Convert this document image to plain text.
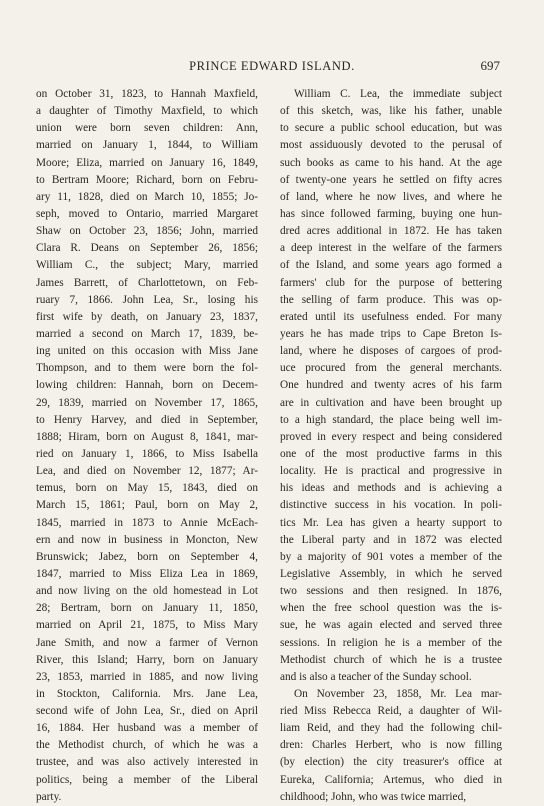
PRINCE EDWARD ISLAND.	697
on October 31, 1823, to Hannah Maxfield,
a daughter of Timothy Maxfield, to which
union were born seven children: Ann,
married on January 1, 1844, to William
Moore; Eliza, married on January 16, 1849,
to Bertram Moore; Richard, born on Febru-
ary 11, 1828, died on March 10, 1855; Jo-
seph, moved to Ontario, married Margaret
Shaw on October 23, 1856; John, married
Clara R. Deans on September 26, 1856;
William C., the subject; Mary, married
James Barrett, of Charlottetown, on Feb-
ruary 7, 1866. John Lea, Sr., losing his
first wife by death, on January 23, 1837,
married a second on March 17, 1839, be-
ing united on this occasion with Miss Jane
Thompson, and to them were born the fol-
lowing children: Hannah, born on Decem-
29, 1839, married on November 17, 1865,
to Henry Harvey, and died in September,
1888; Hiram, born on August 8, 1841, mar-
ried on January 1, 1866, to Miss Isabella
Lea, and died on November 12, 1877; Ar-
temus, born on May 15, 1843, died on
March 15, 1861; Paul, born on May 2,
1845, married in 1873 to Annie McEach-
ern and now in business in Moncton, New
Brunswick; Jabez, born on September 4,
1847, married to Miss Eliza Lea in 1869,
and now living on the old homestead in Lot
28; Bertram, born on January 11, 1850,
married on April 21, 1875, to Miss Mary
Jane Smith, and now a farmer of Vernon
River, this Island; Harry, born on January
23, 1853, married in 1885, and now living
in Stockton, California. Mrs. Jane Lea,
second wife of John Lea, Sr., died on April
16, 1884. Her husband was a member of
the Methodist church, of which he was a
trustee, and was also actively interested in
politics, being a member of the Liberal
party.
William C. Lea, the immediate subject
of this sketch, was, like his father, unable
to secure a public school education, but was
most assiduously devoted to the perusal of
such books as came to his hand. At the age
of twenty-one years he settled on fifty acres
of land, where he now lives, and where he
has since followed farming, buying one hun-
dred acres additional in 1872. He has taken
a deep interest in the welfare of the farmers
of the Island, and some years ago formed a
farmers' club for the purpose of bettering
the selling of farm produce. This was op-
erated until its usefulness ended. For many
years he has made trips to Cape Breton Is-
land, where he disposes of cargoes of prod-
uce procured from the general merchants.
One hundred and twenty acres of his farm
are in cultivation and have been brought up
to a high standard, the place being well im-
proved in every respect and being considered
one of the most productive farms in this
locality. He is practical and progressive in
his ideas and methods and is achieving a
distinctive success in his vocation. In poli-
tics Mr. Lea has given a hearty support to
the Liberal party and in 1872 was elected
by a majority of 901 votes a member of the
Legislative Assembly, in which he served
two sessions and then resigned. In 1876,
when the free school question was the is-
sue, he was again elected and served three
sessions. In religion he is a member of the
Methodist church of which he is a trustee
and is also a teacher of the Sunday school.
On November 23, 1858, Mr. Lea mar-
ried Miss Rebecca Reid, a daughter of Wil-
liam Reid, and they had the following chil-
dren: Charles Herbert, who is now filling
(by election) the city treasurer's office at
Eureka, California; Artemus, who died in
childhood; John, who was twice married,
